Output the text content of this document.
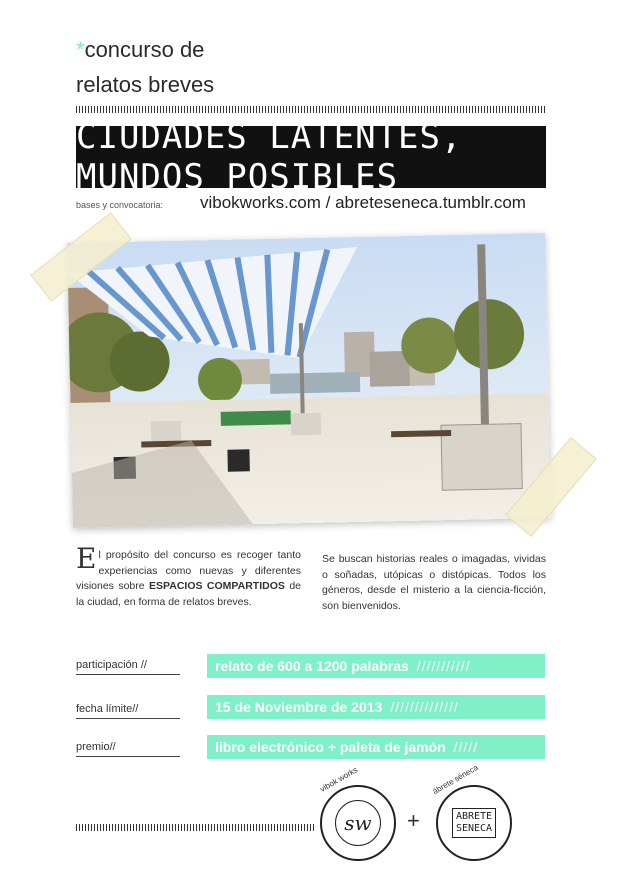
*concurso de
relatos breves
CIUDADES LATENTES, MUNDOS POSIBLES
bases y convocatoria: vibokworks.com / abreteseneca.tumblr.com
El propósito del concurso es recoger tanto experiencias como nuevas y diferentes visiones sobre ESPACIOS COMPARTIDOS de la ciudad, en forma de relatos breves.
Se buscan historias reales o imagadas, vividas o soñadas, utópicas o distópicas. Todos los géneros, desde el misterio a la ciencia-ficción, son bienvenidos.
participación //	relato de 600 a 1200 palabras ///////////
fecha límite//	15 de Noviembre de 2013 //////////////
premio//	libro electrónico + paleta de jamón /////
sw
vibok works
+	ABRETE
SENECA
ábrete séneca
